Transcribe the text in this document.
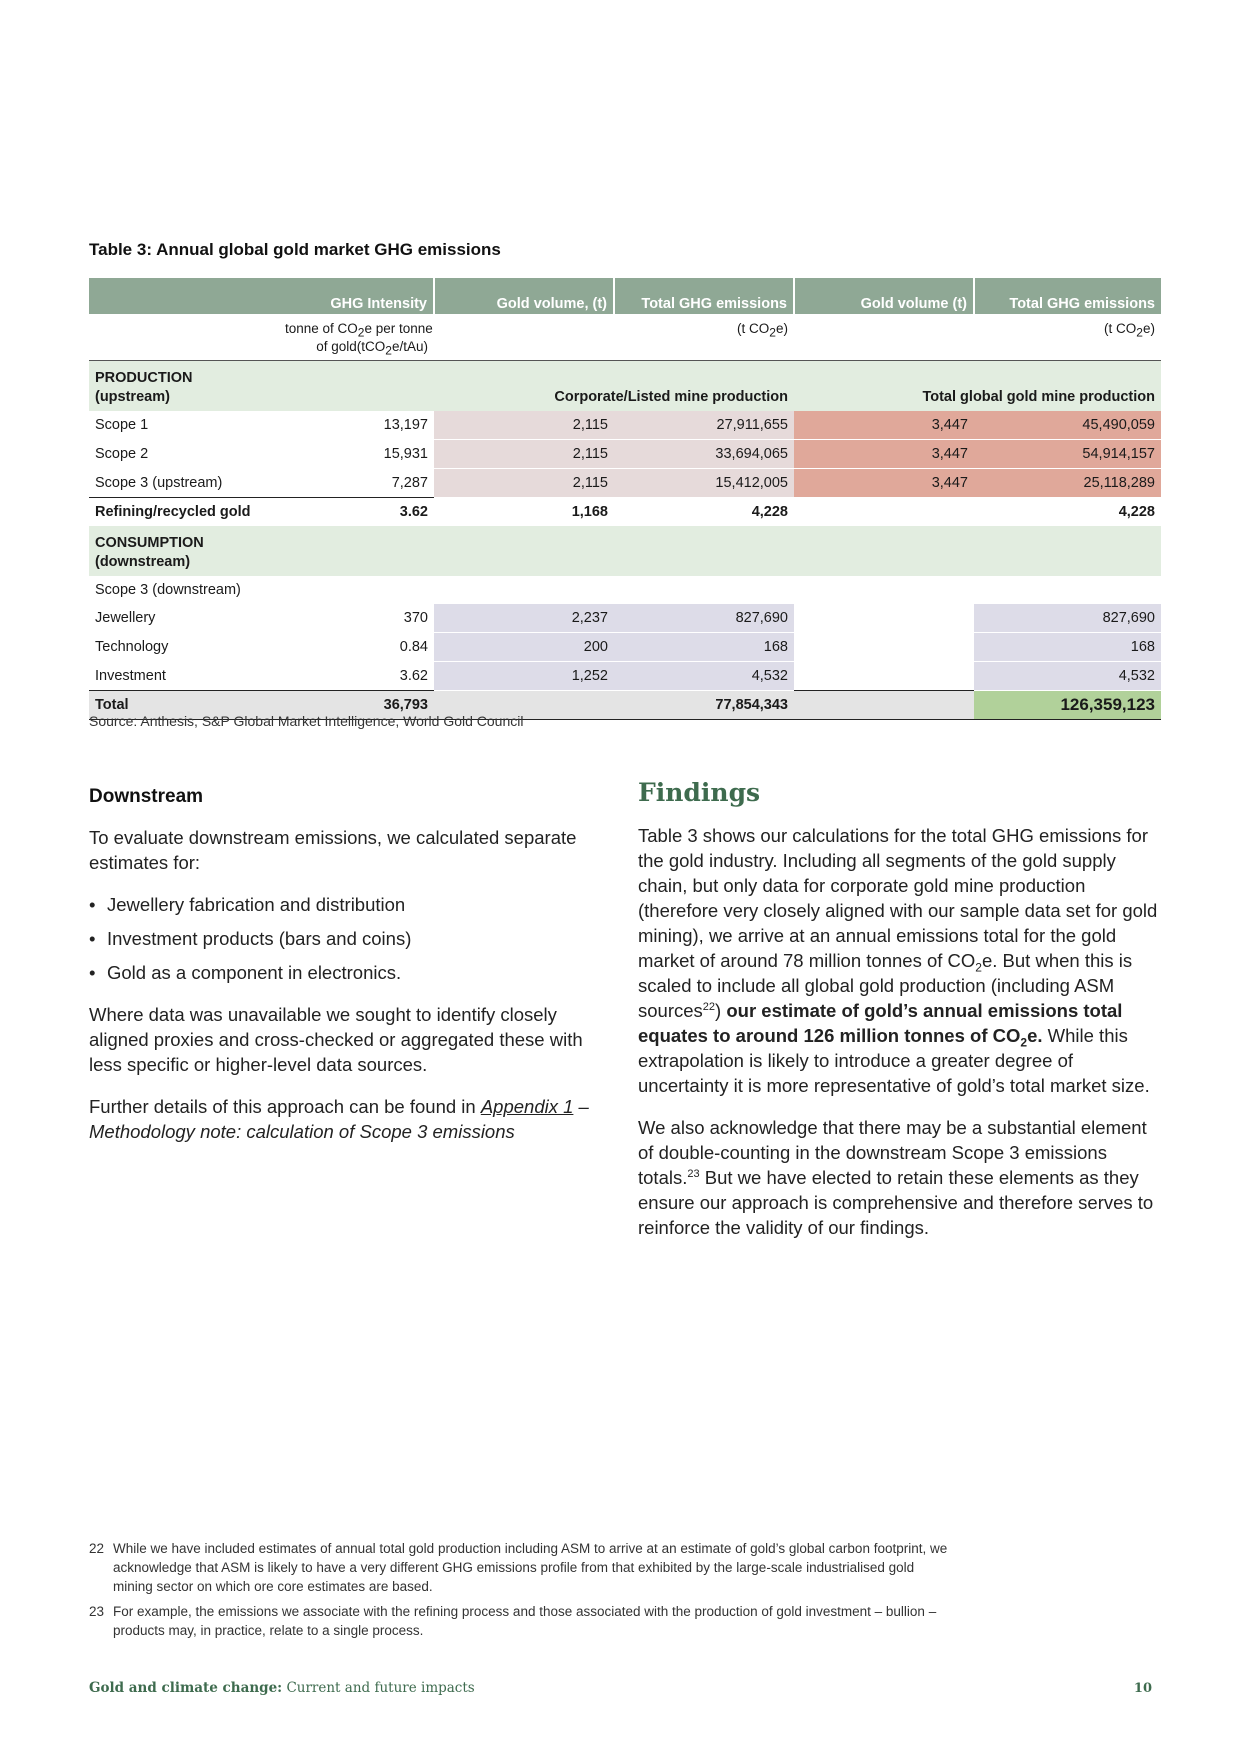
Table 3: Annual global gold market GHG emissions
	GHG Intensity	Gold volume, (t)	Total GHG emissions	Gold volume (t)	Total GHG emissions
	tonne of $CO_2e$ per tonne
of gold(tCO$_2$e/tAu)		(t $CO_2e$)		(t $CO_2e$)
PRODUCTION
(upstream)		Corporate/Listed mine production		Total global gold mine production	
Scope 1	13,197	2,115	27,911,655	3,447	45,490,059
Scope 2	15,931	2,115	33,694,065	3,447	54,914,157
Scope 3 (upstream)	7,287	2,115	15,412,005	3,447	25,118,289
Refining/recycled gold	3.62	1,168	4,228		4,228
CONSUMPTION
(downstream)					
Scope 3 (downstream)					
Jewellery	370	2,237	827,690		827,690
Technology	0.84	200	168		168
Investment	3.62	1,252	4,532		4,532
Total	36,793		77,854,343		126,359,123
Source: Anthesis, S&P Global Market Intelligence, World Gold Council
Downstream

To evaluate downstream emissions, we calculated separate estimates for:

• Jewellery fabrication and distribution
• Investment products (bars and coins)
• Gold as a component in electronics.

Where data was unavailable we sought to identify closely aligned proxies and cross-checked or aggregated these with less specific or higher-level data sources.

Further details of this approach can be found in Appendix 1 – Methodology note: calculation of Scope 3 emissions

Findings

Table 3 shows our calculations for the total GHG emissions for the gold industry. Including all segments of the gold supply chain, but only data for corporate gold mine production (therefore very closely aligned with our sample data set for gold mining), we arrive at an annual emissions total for the gold market of around 78 million tonnes of $CO_2e$. But when this is scaled to include all global gold production (including ASM sources$^{22}$) our estimate of gold’s annual emissions total equates to around 126 million tonnes of $CO_2e$. While this extrapolation is likely to introduce a greater degree of uncertainty it is more representative of gold’s total market size.

We also acknowledge that there may be a substantial element of double-counting in the downstream Scope 3 emissions totals.$^{23}$ But we have elected to retain these elements as they ensure our approach is comprehensive and therefore serves to reinforce the validity of our findings.

22 While we have included estimates of annual total gold production including ASM to arrive at an estimate of gold’s global carbon footprint, we acknowledge that ASM is likely to have a very different GHG emissions profile from that exhibited by the large-scale industrialised gold mining sector on which ore core estimates are based.
23 For example, the emissions we associate with the refining process and those associated with the production of gold investment – bullion – products may, in practice, relate to a single process.
Gold and climate change: Current and future impacts	10
